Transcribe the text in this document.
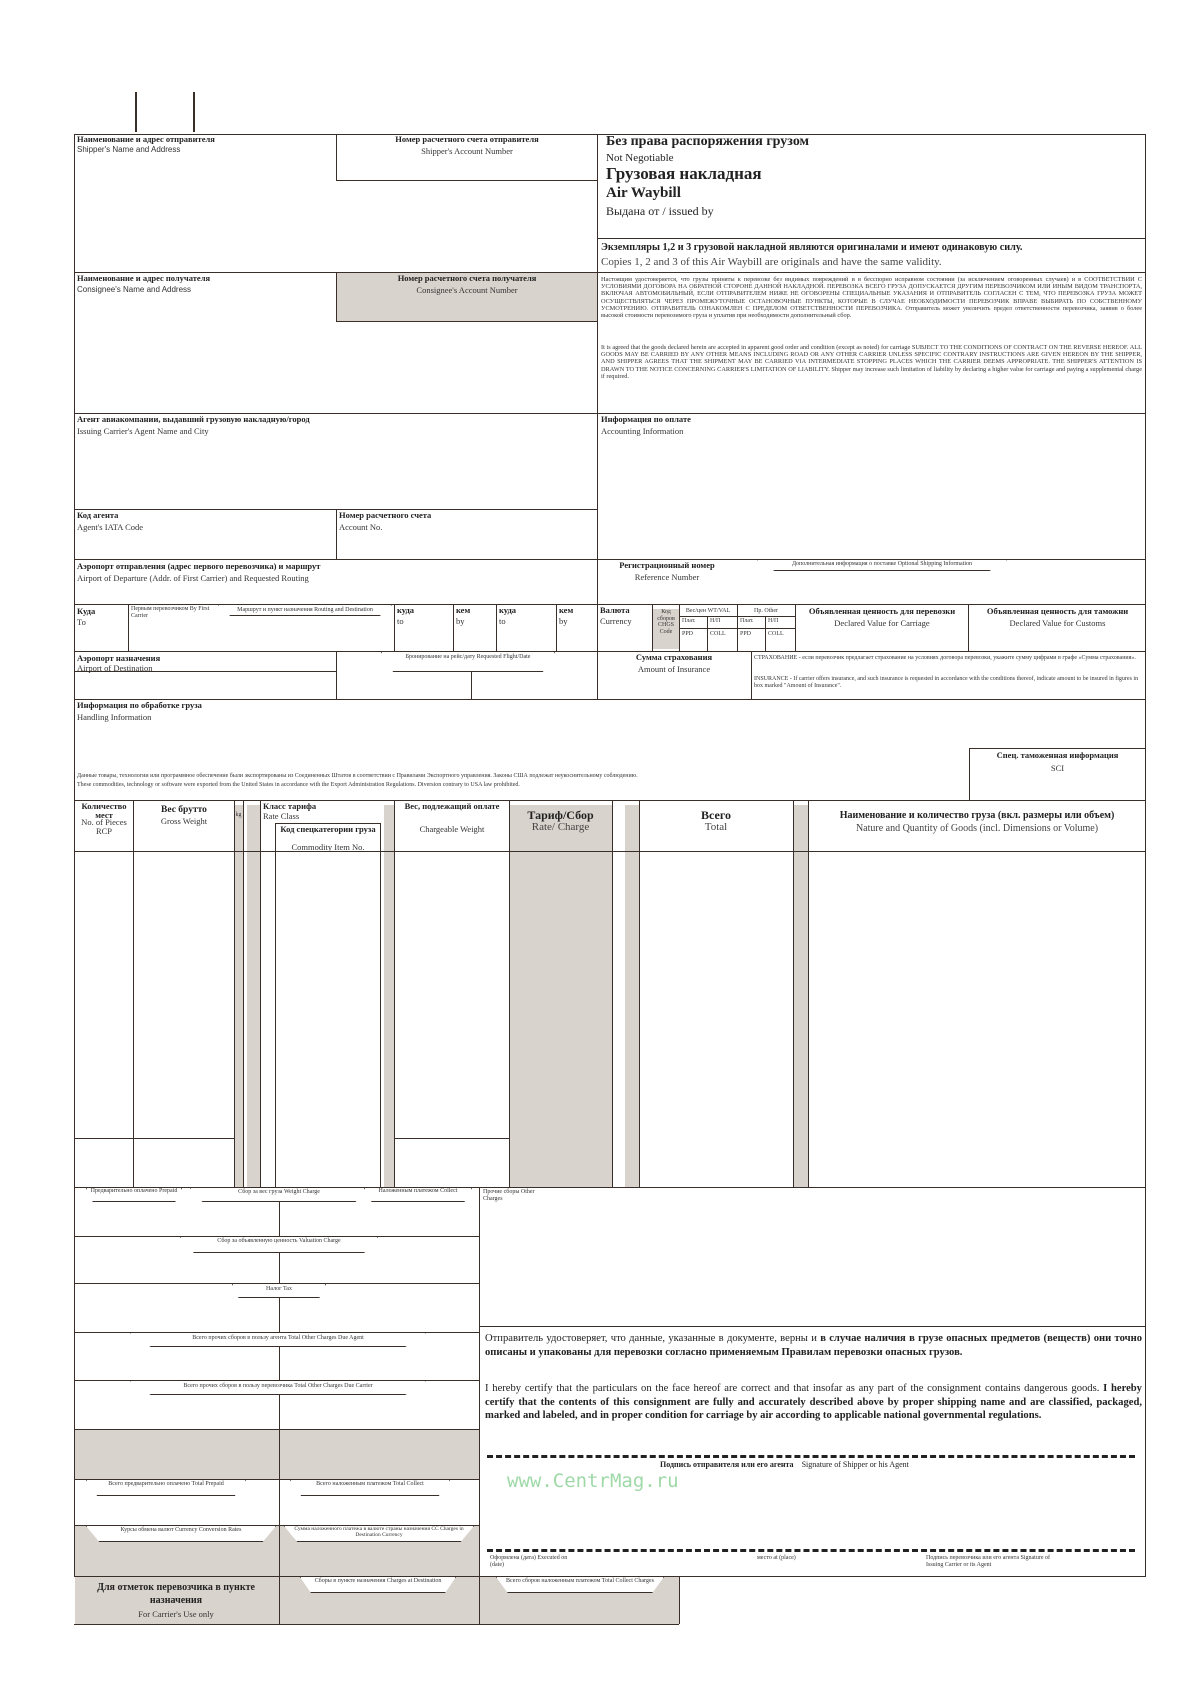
Наименование и адрес отправителя
Shipper's Name and Address
Номер расчетного счета отправителя
Shipper's Account Number
Без права распоряжения грузом
Not Negotiable
Грузовая накладная
Air Waybill
Выдана от / issued by
Экземпляры 1,2 и 3 грузовой накладной являются оригиналами и имеют одинаковую силу.
Copies 1, 2 and 3 of this Air Waybill are originals and have the same validity.
Наименование и адрес получателя
Consignee's Name and Address
Номер расчетного счета получателя
Consignee's Account Number
Настоящим удостоверяется, что грузы приняты к перевозке без видимых повреждений и в бесспорно исправном состоянии (за исключением оговоренных случаев) и в СООТВЕТСТВИИ С УСЛОВИЯМИ ДОГОВОРА НА ОБРАТНОЙ СТОРОНЕ ДАННОЙ НАКЛАДНОЙ. ПЕРЕВОЗКА ВСЕГО ГРУЗА ДОПУСКАЕТСЯ ДРУГИМ ПЕРЕВОЗЧИКОМ ИЛИ ИНЫМ ВИДОМ ТРАНСПОРТА, ВКЛЮЧАЯ АВТОМОБИЛЬНЫЙ, ЕСЛИ ОТПРАВИТЕЛЕМ НИЖЕ НЕ ОГОВОРЕНЫ СПЕЦИАЛЬНЫЕ УКАЗАНИЯ И ОТПРАВИТЕЛЬ СОГЛАСЕН С ТЕМ, ЧТО ПЕРЕВОЗКА ГРУЗА МОЖЕТ ОСУЩЕСТВЛЯТЬСЯ ЧЕРЕЗ ПРОМЕЖУТОЧНЫЕ ОСТАНОВОЧНЫЕ ПУНКТЫ, КОТОРЫЕ В СЛУЧАЕ НЕОБХОДИМОСТИ ПЕРЕВОЗЧИК ВПРАВЕ ВЫБИРАТЬ ПО СОБСТВЕННОМУ УСМОТРЕНИЮ. ОТПРАВИТЕЛЬ ОЗНАКОМЛЕН С ПРЕДЕЛОМ ОТВЕТСТВЕННОСТИ ПЕРЕВОЗЧИКА. Отправитель может увеличить предел ответственности перевозчика, заявив о более высокой стоимости перевозимого груза и уплатив при необходимости дополнительный сбор.
It is agreed that the goods declared herein are accepted in apparent good order and condition (except as noted) for carriage SUBJECT TO THE CONDITIONS OF CONTRACT ON THE REVERSE HEREOF. ALL GOODS MAY BE CARRIED BY ANY OTHER MEANS INCLUDING ROAD OR ANY OTHER CARRIER UNLESS SPECIFIC CONTRARY INSTRUCTIONS ARE GIVEN HEREON BY THE SHIPPER, AND SHIPPER AGREES THAT THE SHIPMENT MAY BE CARRIED VIA INTERMEDIATE STOPPING PLACES WHICH THE CARRIER DEEMS APPROPRIATE. THE SHIPPER'S ATTENTION IS DRAWN TO THE NOTICE CONCERNING CARRIER'S LIMITATION OF LIABILITY. Shipper may increase such limitation of liability by declaring a higher value for carriage and paying a supplemental charge if required.
Агент авиакомпании, выдавший грузовую накладную/город
Issuing Carrier's Agent Name and City
Информация по оплате
Accounting Information
Код агента
Agent's IATA Code
Номер расчетного счета
Account No.
Аэропорт отправления (адрес первого перевозчика) и маршрут
Airport of Departure (Addr. of First Carrier) and Requested Routing
Регистрационный номер
Reference Number
Дополнительная информация о поставке Optional Shipping Information
Куда
To
Первым перевозчиком By First Carrier
Маршрут и пункт назначения Routing and Destination	куда
to
кем
by
куда
to
кем
by
Валюта
Currency
Код сборов CHGS Code
Вес/цен WT/VAL	Пр. Other
Плат.	Н/П	Плат.	Н/П
PPD	COLL	PPD	COLL
Объявленная ценность для перевозки
Declared Value for Carriage
Объявленная ценность для таможни
Declared Value for Customs
Аэропорт назначения
Airport of Destination
Бронирование на рейс/дату Requested Flight/Date	Сумма страхования
Amount of Insurance
СТРАХОВАНИЕ - если перевозчик предлагает страхование на условиях договора перевозки, укажите сумму цифрами в графе «Сумма страхования».
INSURANCE - If carrier offers insurance, and such insurance is requested in accordance with the conditions thereof, indicate amount to be insured in figures in box marked "Amount of Insurance".
Информация по обработке груза
Handling Information
Данные товары, технологии или программное обеспечение были экспортированы из Соединенных Штатов в соответствии с Правилами Экспортного управления. Законы США подлежат неукоснительному соблюдению.
These commodities, technology or software were exported from the United States in accordance with the Export Administration Regulations. Diversion contrary to USA law prohibited.
Спец. таможенная информация
SCI
Количество мест
No. of Pieces RCP
Вес брутто
Gross Weight
kg
Класс тарифа
Rate Class
Код спецкатегории груза
Commodity Item No.
Вес, подлежащий оплате
Chargeable Weight
Тариф/Сбор
Rate/ Charge
Всего
Total
Наименование и количество груза (вкл. размеры или объем)
Nature and Quantity of Goods (incl. Dimensions or Volume)
Предварительно оплачено Prepaid	Сбор за вес груза Weight Charge	Наложенным платежом Collect	Прочие сборы Other Charges
Сбор за объявленную ценность Valuation Charge
Налог Tax
Всего прочих сборов в пользу агента Total Other Charges Due Agent
Всего прочих сборов в пользу перевозчика Total Other Charges Due Carrier
Всего предварительно оплачено Total Prepaid	Всего наложенным платежом Total Collect
Курсы обмена валют Currency Conversion Rates	Сумма наложенного платежа в валюте страны назначения CC Charges in Destination Currency
Для отметок перевозчика в пункте назначения
For Carrier's Use only
Сборы в пункте назначения Charges at Destination	Всего сборов наложенным платежом Total Collect Charges
Отправитель удостоверяет, что данные, указанные в документе, верны и в случае наличия в грузе опасных предметов (веществ) они точно описаны и упакованы для перевозки согласно применяемым Правилам перевозки опасных грузов.
I hereby certify that the particulars on the face hereof are correct and that insofar as any part of the consignment contains dangerous goods. I hereby certify that the contents of this consignment are fully and accurately described above by proper shipping name and are classified, packaged, marked and labeled, and in proper condition for carriage by air according to applicable national governmental regulations.
Подпись отправителя или его агента Signature of Shipper or his Agent
Оформлена (дата) Executed on (date)
место at (place)	Подпись перевозчика или его агента Signature of Issuing Carrier or its Agent
www.CentrMag.ru
